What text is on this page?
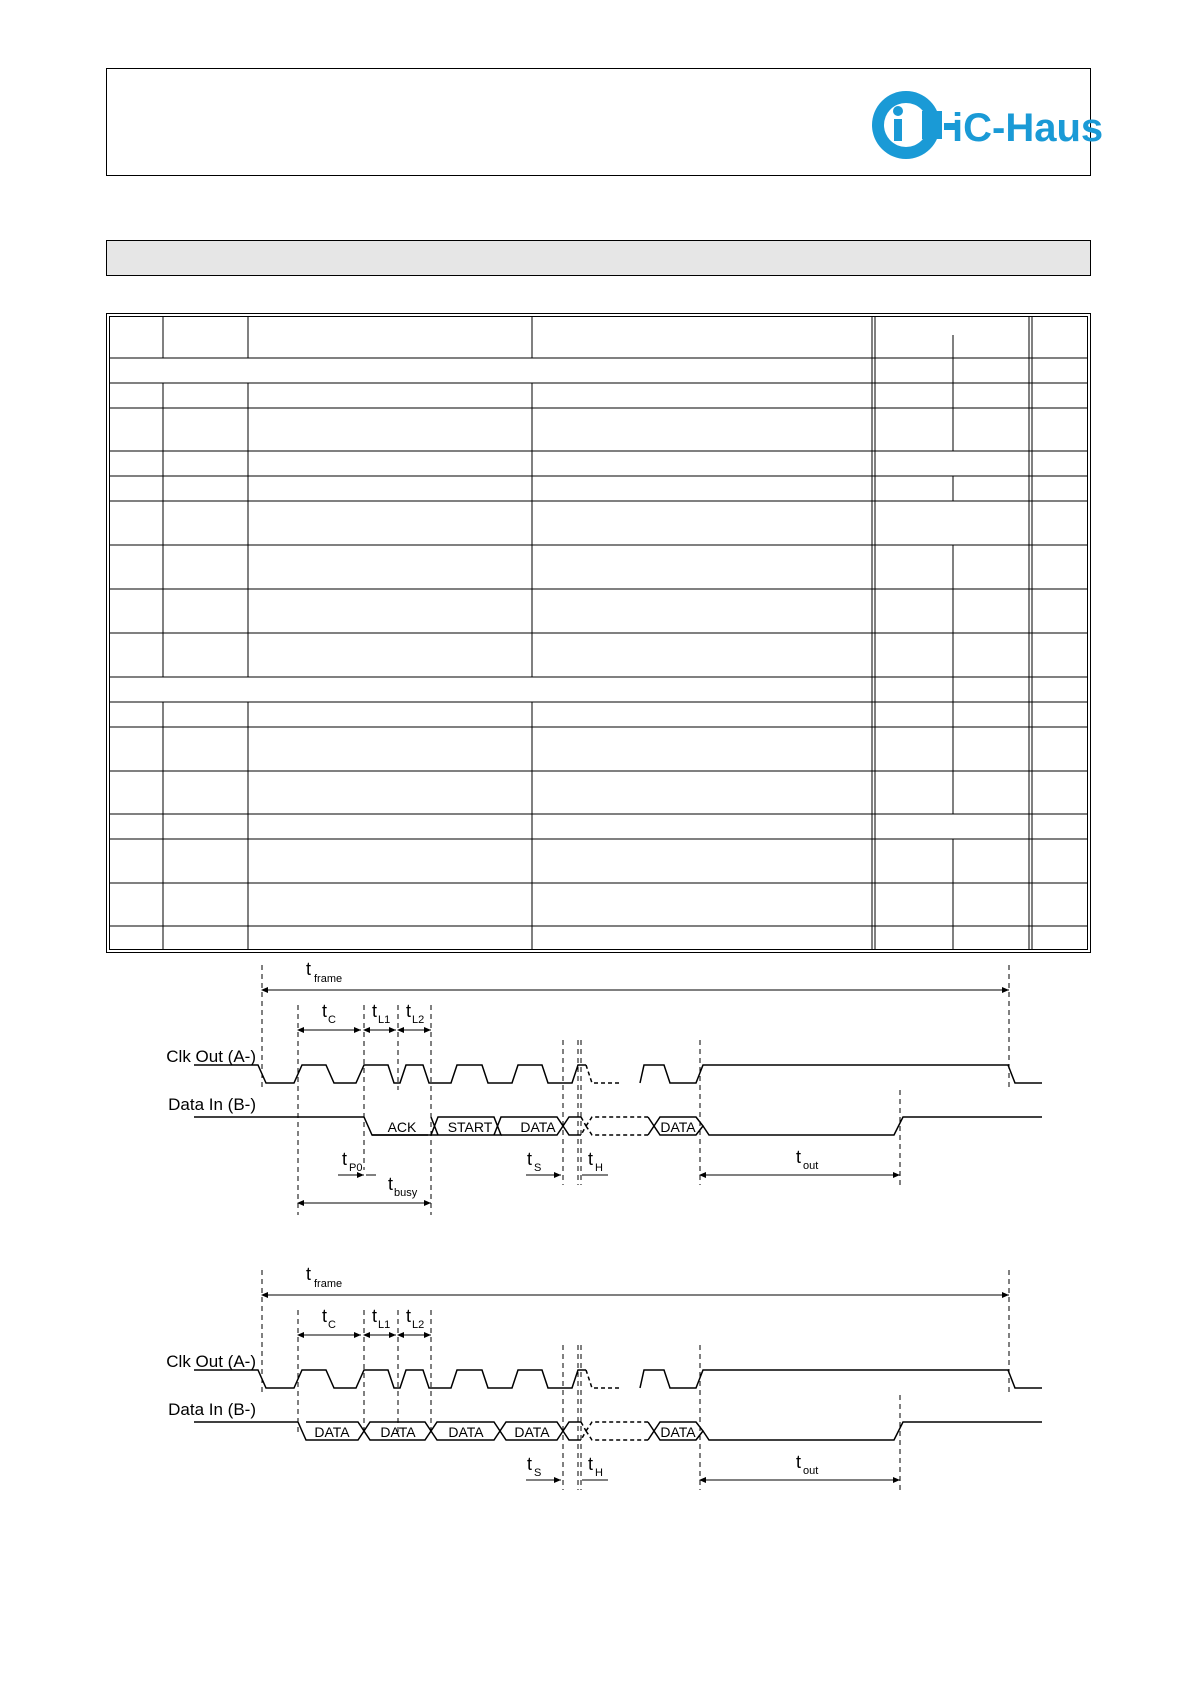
iC-Haus
t frame
t C t L1 t L2
Clk Out (A-)
Data In (B-)
ACK START DATA	DATA
t P0
t busy
t S	t H
t out
t frame
t C t L1 t L2
Clk Out (A-)
Data In (B-)
DATA DATA DATA DATA	DATA
t S	t H
t out
